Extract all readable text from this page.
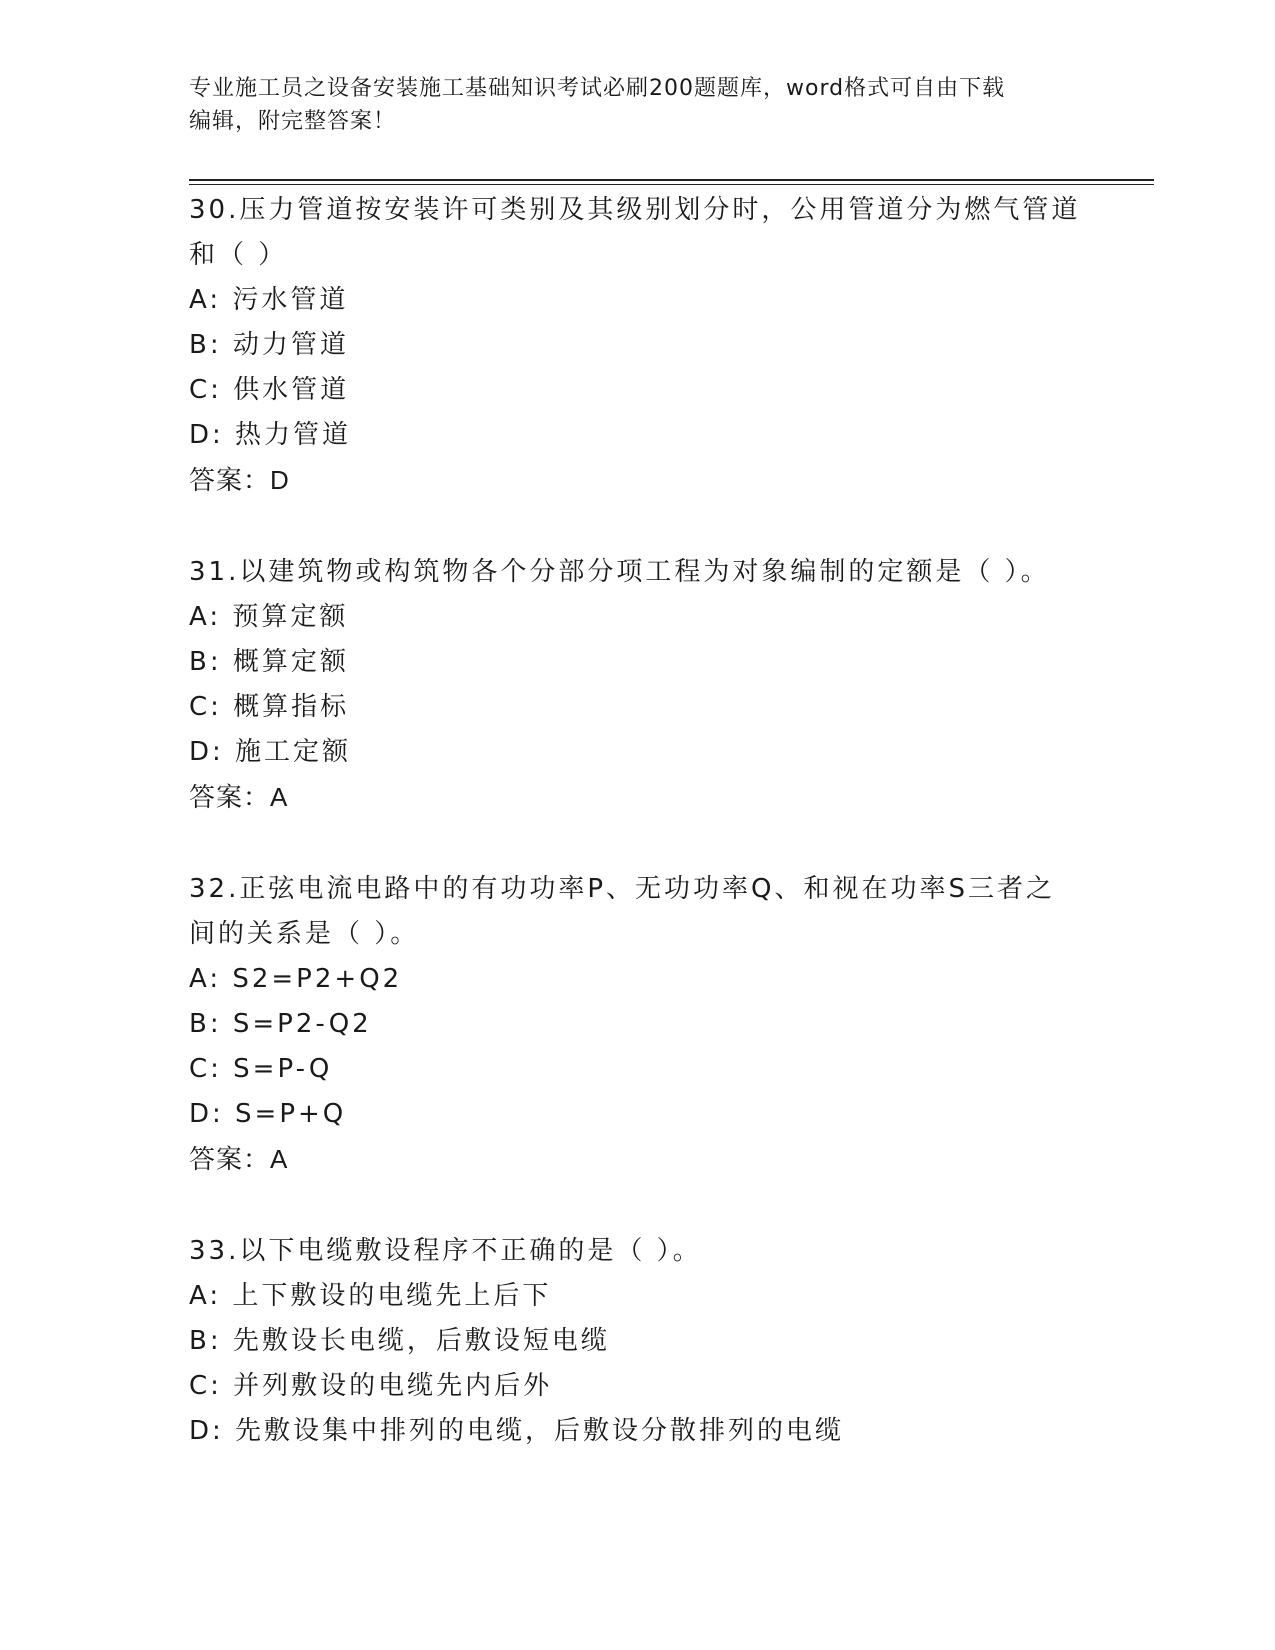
专业施工员之设备安装施工基础知识考试必刷200题题库，word格式可自由下载
编辑，附完整答案！

30.压力管道按安装许可类别及其级别划分时，公用管道分为燃气管道

和（ ）

A: 污水管道

B: 动力管道

C: 供水管道

D: 热力管道

答案：D

31.以建筑物或构筑物各个分部分项工程为对象编制的定额是（ ）。

A: 预算定额

B: 概算定额

C: 概算指标

D: 施工定额

答案：A

32.正弦电流电路中的有功功率P、无功功率Q、和视在功率S三者之

间的关系是（ ）。

A: S2=P2+Q2

B: S=P2-Q2

C: S=P-Q

D: S=P+Q

答案：A

33.以下电缆敷设程序不正确的是（ ）。

A: 上下敷设的电缆先上后下

B: 先敷设长电缆，后敷设短电缆

C: 并列敷设的电缆先内后外

D: 先敷设集中排列的电缆，后敷设分散排列的电缆
